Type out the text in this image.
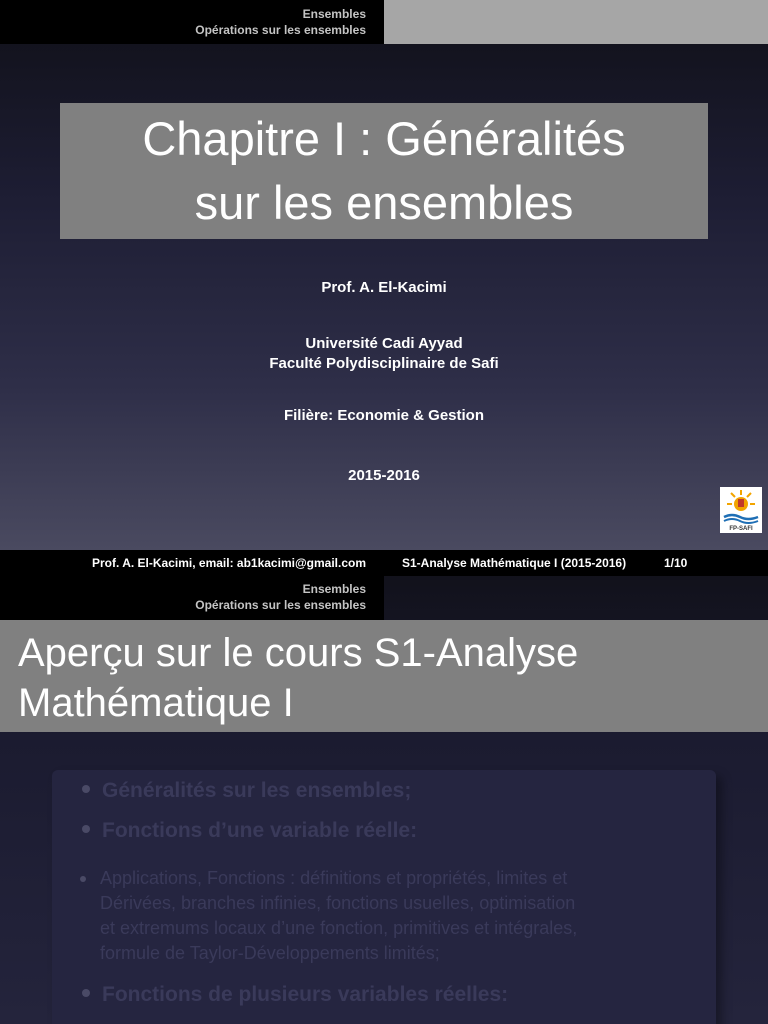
Ensembles
Opérations sur les ensembles
Chapitre I : Généralités
sur les ensembles
Prof. A. El-Kacimi
Université Cadi Ayyad
Faculté Polydisciplinaire de Safi
Filière: Economie & Gestion
2015-2016
FP-SAFI
Prof. A. El-Kacimi, email: ab1kacimi@gmail.com	S1-Analyse Mathématique I (2015-2016)	1/10
Ensembles
Opérations sur les ensembles
Aperçu sur le cours S1-Analyse
Mathématique I
Généralités sur les ensembles;
Fonctions d’une variable réelle:
Applications, Fonctions : définitions et propriétés, limites et
Dérivées, branches infinies, fonctions usuelles, optimisation
et extremums locaux d’une fonction, primitives et intégrales,
formule de Taylor-Développements limités;
Fonctions de plusieurs variables réelles:
